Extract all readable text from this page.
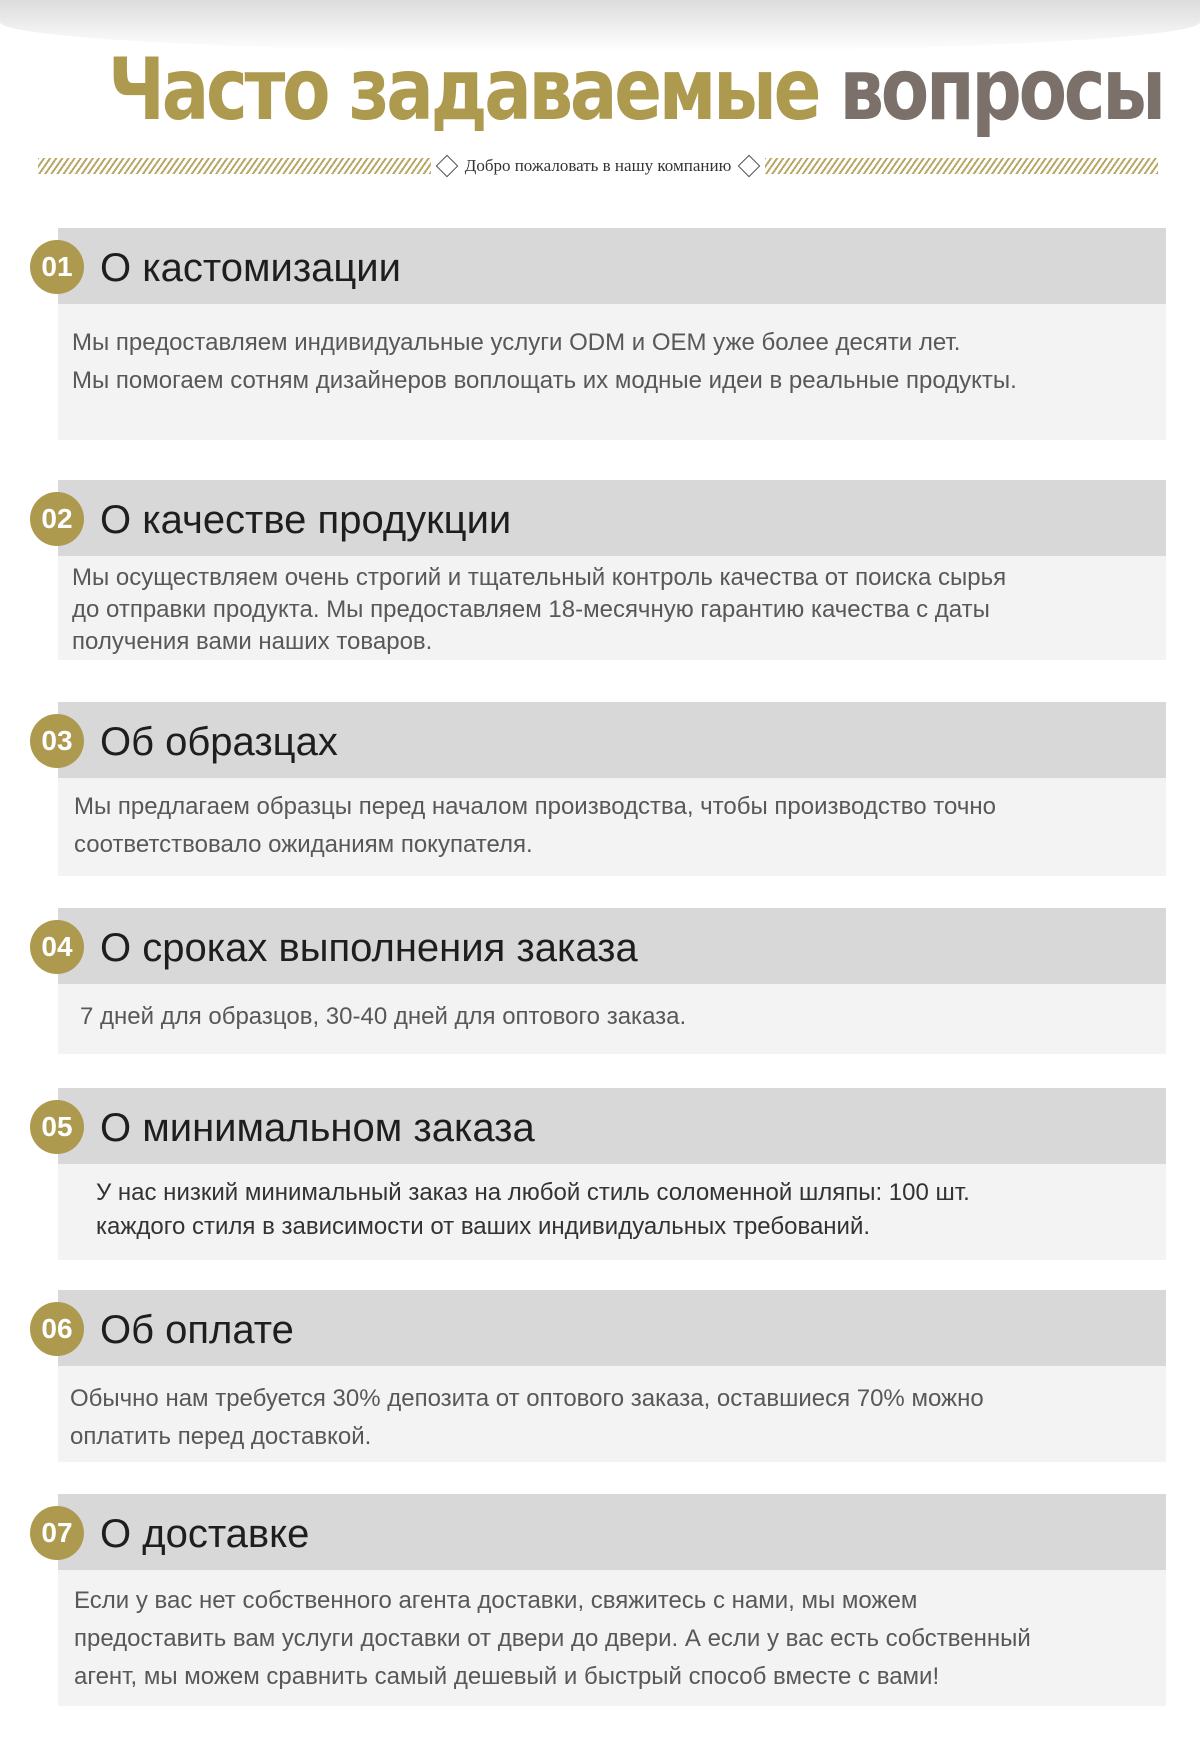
Часто задаваемые вопросы
Добро пожаловать в нашу компанию
01 О кастомизации

Мы предоставляем индивидуальные услуги ODM и OEM уже более десяти лет.

Мы помогаем сотням дизайнеров воплощать их модные идеи в реальные продукты.

02 О качестве продукции

Мы осуществляем очень строгий и тщательный контроль качества от поиска сырья

до отправки продукта. Мы предоставляем 18-месячную гарантию качества с даты

получения вами наших товаров.

03 Об образцах

Мы предлагаем образцы перед началом производства, чтобы производство точно

соответствовало ожиданиям покупателя.

04 О сроках выполнения заказа

7 дней для образцов, 30-40 дней для оптового заказа.

05 О минимальном заказа

У нас низкий минимальный заказ на любой стиль соломенной шляпы: 100 шт.

каждого стиля в зависимости от ваших индивидуальных требований.

06 Об оплате

Обычно нам требуется 30% депозита от оптового заказа, оставшиеся 70% можно

оплатить перед доставкой.

07 О доставке

Если у вас нет собственного агента доставки, свяжитесь с нами, мы можем

предоставить вам услуги доставки от двери до двери. А если у вас есть собственный

агент, мы можем сравнить самый дешевый и быстрый способ вместе с вами!
